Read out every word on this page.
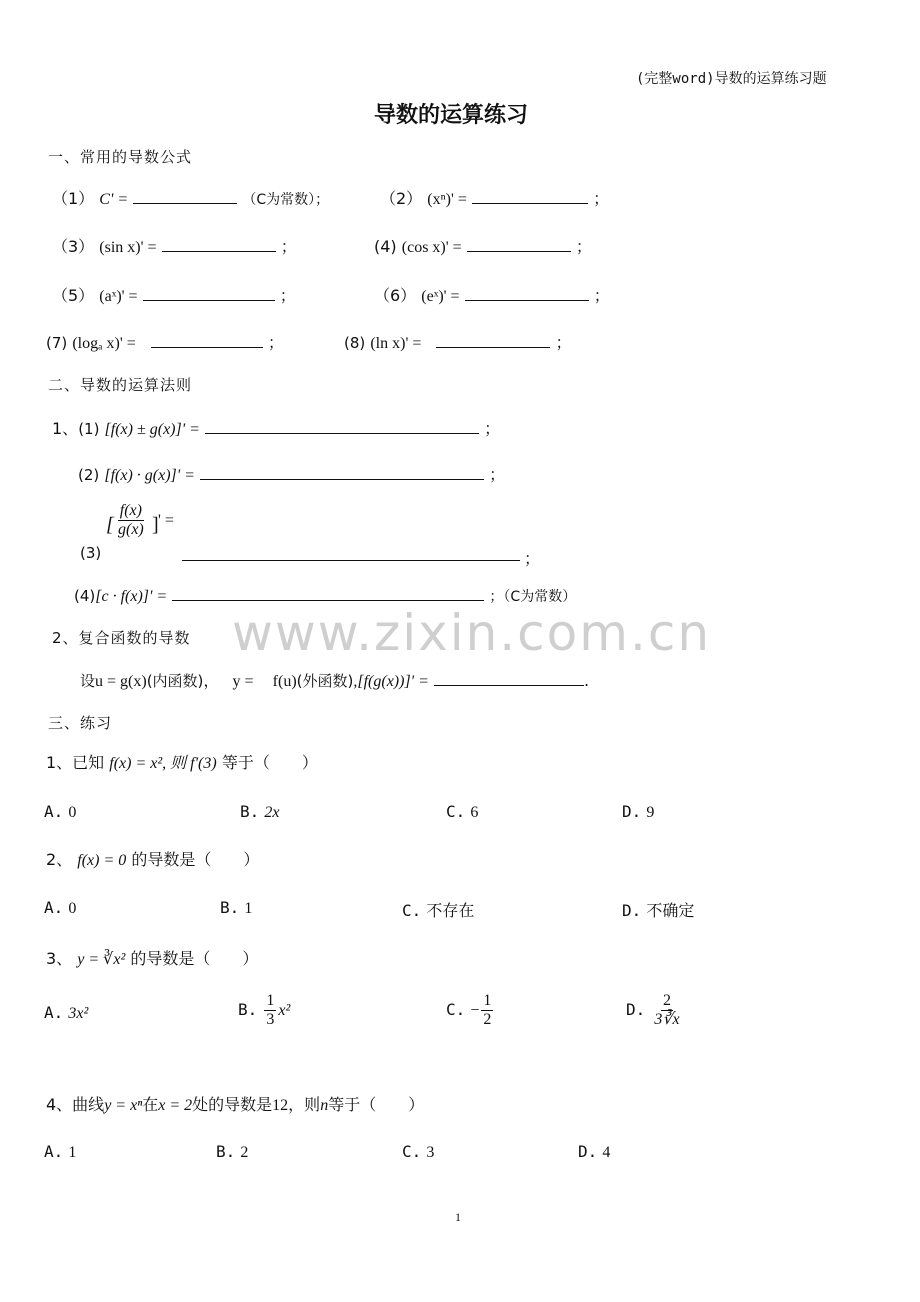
(完整word)导数的运算练习题
导数的运算练习
www.zixin.com.cn
一、常用的导数公式
（1） C' =	（C为常数）；	（2） (xⁿ)' =	；
（3） (sin x)' =	；	(4) (cos x)' =	；
（5） (aˣ)' =	；	（6） (eˣ)' =	；
(7) (logₐ x)' =	；	(8) (ln x)' =	；
二、导数的运算法则
1、(1) [f(x) ± g(x)]' =	；
(2) [f(x) · g(x)]' =	；
(3)
[ $\frac{f(x)}{g(x)}$ ] ' =
；
(4)[c · f(x)]' =	；（C为常数）
2、复合函数的导数
设u = g(x)(内函数)， y = f(u)(外函数),[f(g(x))]' =	.
三、练习
1、已知 f(x) = x², 则 f'(3) 等于（　　）
A. 0	B. 2x	C. 6	D. 9
2、 f(x) = 0 的导数是（　　）
A. 0	B. 1	C. 不存在	D. 不确定
3、 y = ∛x² 的导数是（　　）
A. 3x²	B. $\frac{1}{3} x^2$	C. − $\frac{1}{2}$	D. $\frac{2}{3∛x}$
4、曲线y = xⁿ在x = 2处的导数是12，则n等于（　　）
A. 1	B. 2	C. 3	D. 4
1
